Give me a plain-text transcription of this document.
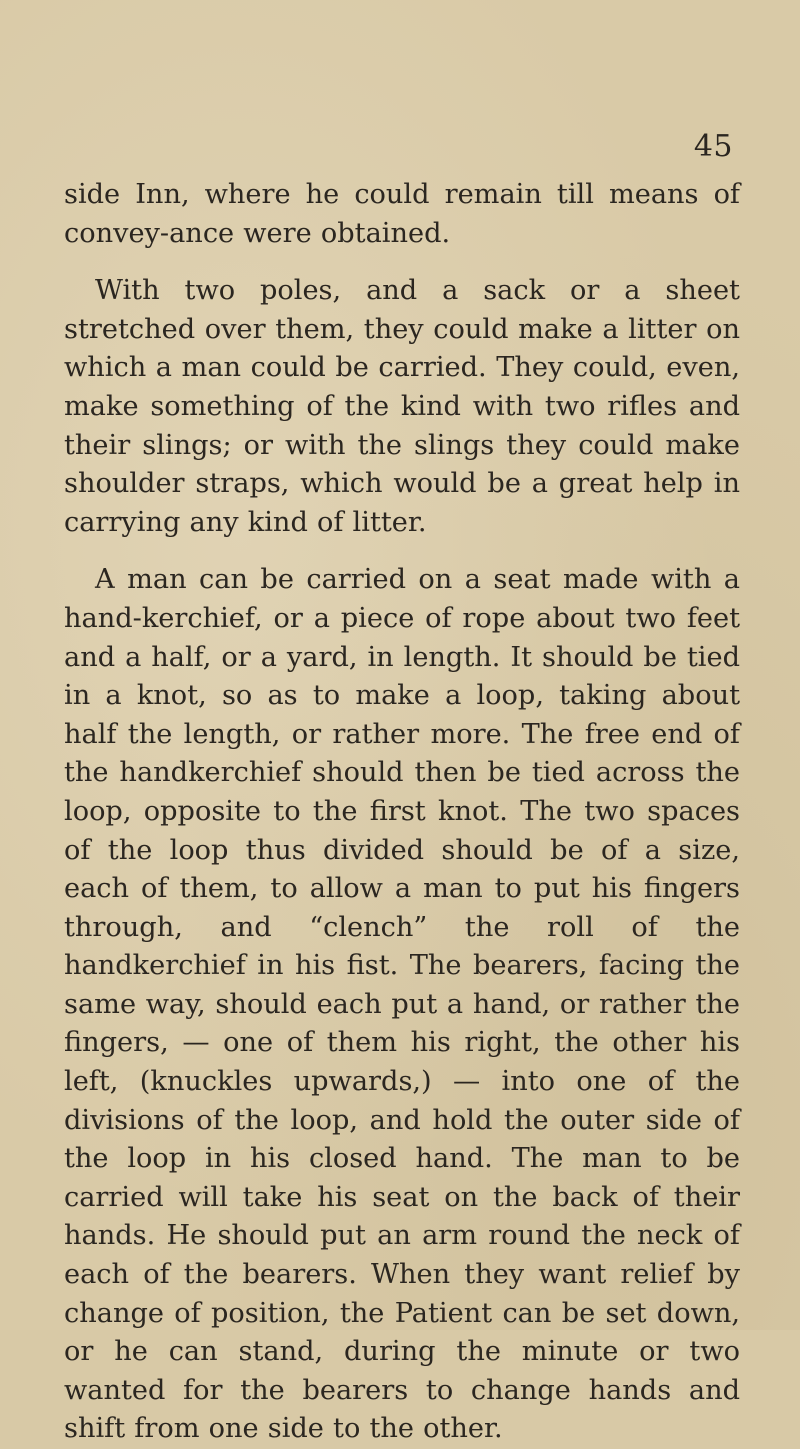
45

side Inn, where he could remain till means of convey-ance were obtained.

With two poles, and a sack or a sheet stretched over them, they could make a litter on which a man could be carried. They could, even, make something of the kind with two rifles and their slings; or with the slings they could make shoulder straps, which would be a great help in carrying any kind of litter.

A man can be carried on a seat made with a hand-kerchief, or a piece of rope about two feet and a half, or a yard, in length. It should be tied in a knot, so as to make a loop, taking about half the length, or rather more. The free end of the handkerchief should then be tied across the loop, opposite to the first knot. The two spaces of the loop thus divided should be of a size, each of them, to allow a man to put his fingers through, and “clench” the roll of the handkerchief in his fist. The bearers, facing the same way, should each put a hand, or rather the fingers, — one of them his right, the other his left, (knuckles upwards,) — into one of the divisions of the loop, and hold the outer side of the loop in his closed hand. The man to be carried will take his seat on the back of their hands. He should put an arm round the neck of each of the bearers. When they want relief by change of position, the Patient can be set down, or he can stand, during the minute or two wanted for the bearers to change hands and shift from one side to the other.
